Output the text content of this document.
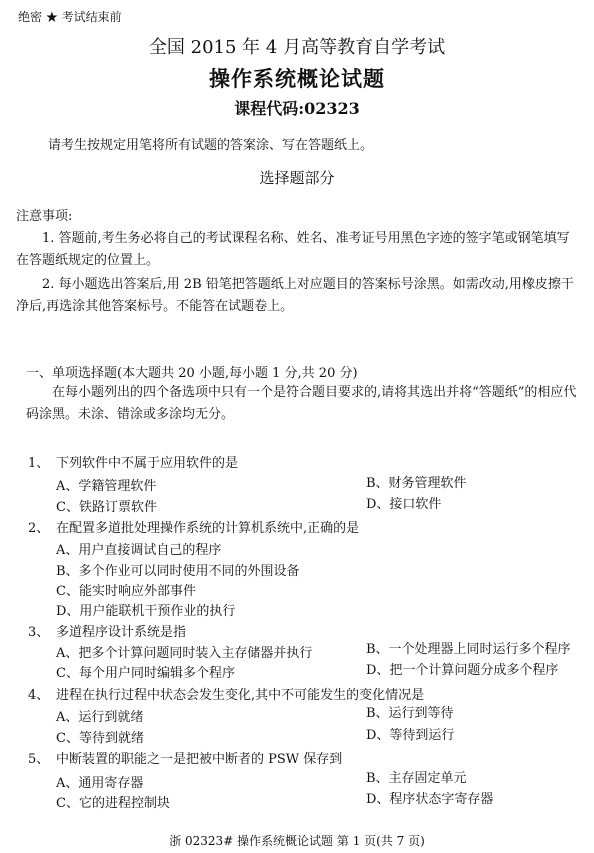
绝密 ★ 考试结束前
全国 2015 年 4 月高等教育自学考试
操作系统概论试题
课程代码:02323
请考生按规定用笔将所有试题的答案涂、写在答题纸上。
选择题部分
注意事项:
1. 答题前,考生务必将自己的考试课程名称、姓名、准考证号用黑色字迹的签字笔或钢笔填写在答题纸规定的位置上。
2. 每小题选出答案后,用 2B 铅笔把答题纸上对应题目的答案标号涂黑。如需改动,用橡皮擦干净后,再选涂其他答案标号。不能答在试题卷上。
一、单项选择题(本大题共 20 小题,每小题 1 分,共 20 分)
在每小题列出的四个备选项中只有一个是符合题目要求的,请将其选出并将“答题纸”的相应代码涂黑。未涂、错涂或多涂均无分。
1、 下列软件中不属于应用软件的是
A、学籍管理软件	B、财务管理软件
C、铁路订票软件	D、接口软件
2、 在配置多道批处理操作系统的计算机系统中,正确的是
A、用户直接调试自己的程序
B、多个作业可以同时使用不同的外围设备
C、能实时响应外部事件
D、用户能联机干预作业的执行
3、 多道程序设计系统是指
A、把多个计算问题同时装入主存储器并执行	B、一个处理器上同时运行多个程序
C、每个用户同时编辑多个程序	D、把一个计算问题分成多个程序
4、 进程在执行过程中状态会发生变化,其中不可能发生的变化情况是
A、运行到就绪	B、运行到等待
C、等待到就绪	D、等待到运行
5、 中断装置的职能之一是把被中断者的 PSW 保存到
A、通用寄存器	B、主存固定单元
C、它的进程控制块	D、程序状态字寄存器
浙 02323# 操作系统概论试题 第 1 页(共 7 页)
